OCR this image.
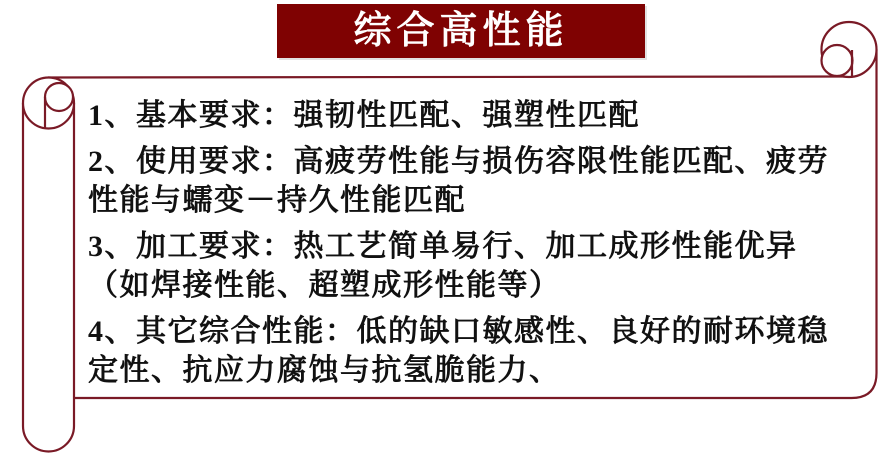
综合高性能

1、基本要求：强韧性匹配、强塑性匹配

2、使用要求：高疲劳性能与损伤容限性能匹配、疲劳性能与蠕变－持久性能匹配

3、加工要求：热工艺简单易行、加工成形性能优异（如焊接性能、超塑成形性能等）

4、其它综合性能：低的缺口敏感性、良好的耐环境稳定性、抗应力腐蚀与抗氢脆能力、
